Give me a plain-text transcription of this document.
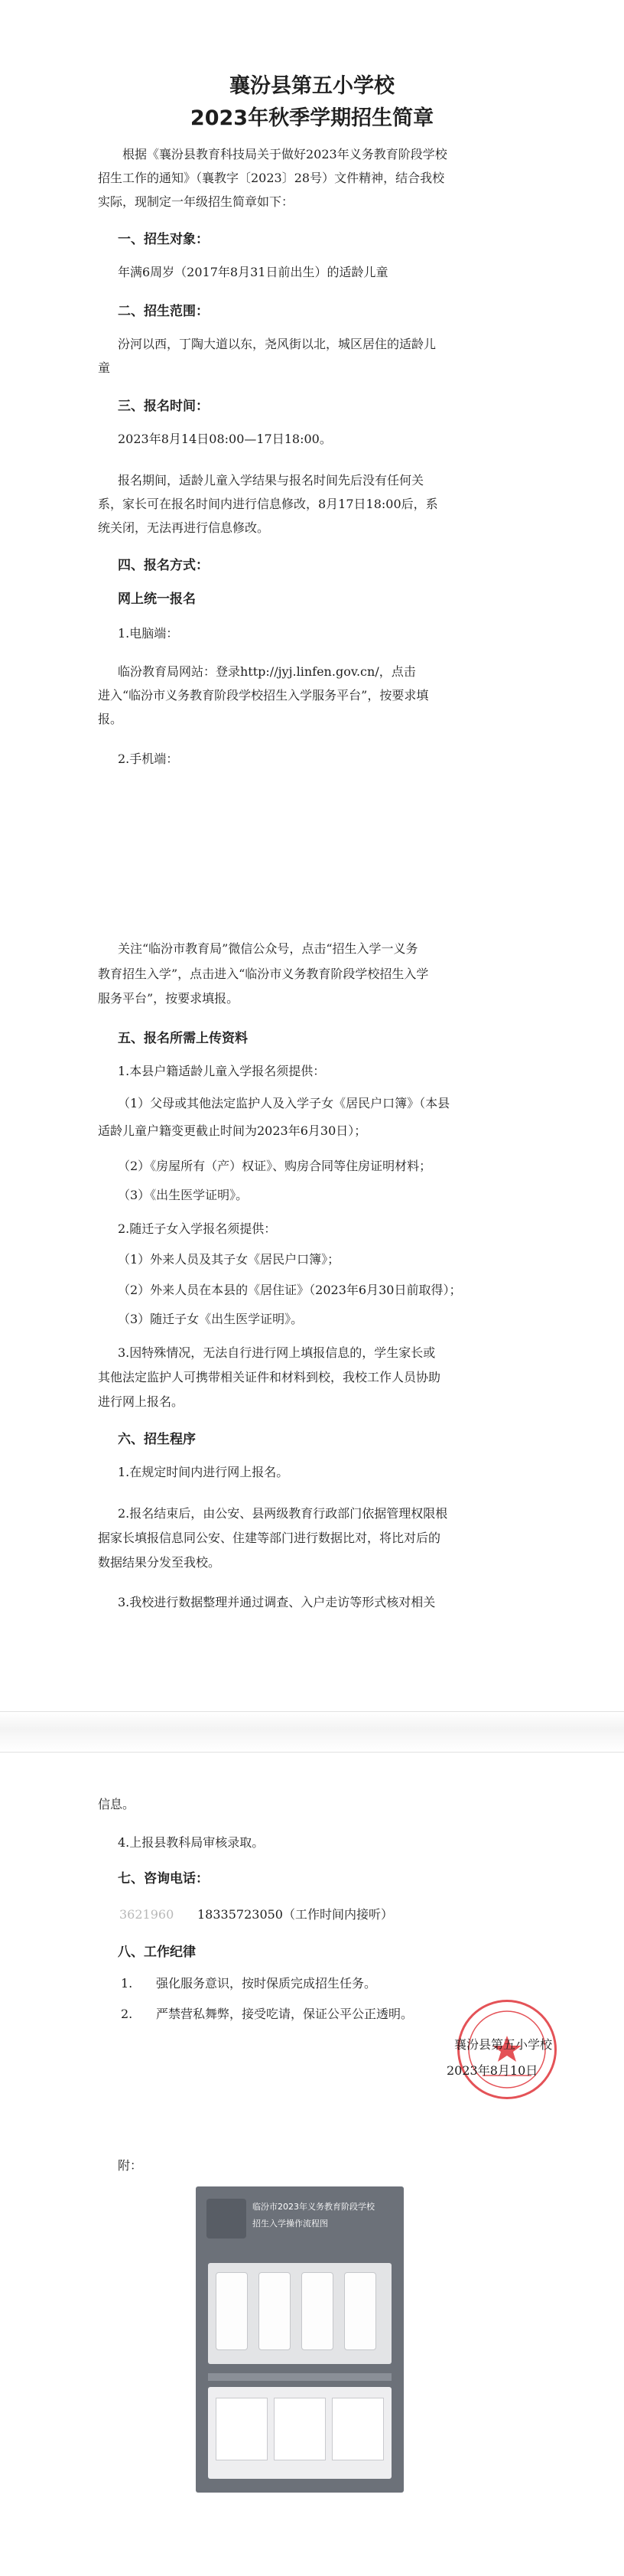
襄汾县第五小学校
2023年秋季学期招生简章
根据《襄汾县教育科技局关于做好2023年义务教育阶段学校
招生工作的通知》（襄教字〔2023〕28号）文件精神，结合我校
实际，现制定一年级招生简章如下：
一、招生对象：
年满6周岁（2017年8月31日前出生）的适龄儿童
二、招生范围：
汾河以西，丁陶大道以东，尧风街以北，城区居住的适龄儿
童
三、报名时间：
2023年8月14日08:00—17日18:00。
报名期间，适龄儿童入学结果与报名时间先后没有任何关
系，家长可在报名时间内进行信息修改，8月17日18:00后，系
统关闭，无法再进行信息修改。
四、报名方式：
网上统一报名
1.电脑端：
临汾教育局网站：登录http://jyj.linfen.gov.cn/，点击
进入“临汾市义务教育阶段学校招生入学服务平台”，按要求填
报。
2.手机端：
关注“临汾市教育局”微信公众号，点击“招生入学一义务
教育招生入学”，点击进入“临汾市义务教育阶段学校招生入学
服务平台”，按要求填报。
五、报名所需上传资料
1.本县户籍适龄儿童入学报名须提供：
（1）父母或其他法定监护人及入学子女《居民户口簿》（本县
适龄儿童户籍变更截止时间为2023年6月30日）；
（2）《房屋所有（产）权证》、购房合同等住房证明材料；
（3）《出生医学证明》。
2.随迁子女入学报名须提供：
（1）外来人员及其子女《居民户口簿》；
（2）外来人员在本县的《居住证》（2023年6月30日前取得）；
（3）随迁子女《出生医学证明》。
3.因特殊情况，无法自行进行网上填报信息的，学生家长或
其他法定监护人可携带相关证件和材料到校，我校工作人员协助
进行网上报名。
六、招生程序
1.在规定时间内进行网上报名。
2.报名结束后，由公安、县两级教育行政部门依据管理权限根
据家长填报信息同公安、住建等部门进行数据比对，将比对后的
数据结果分发至我校。
3.我校进行数据整理并通过调查、入户走访等形式核对相关
信息。
4.上报县教科局审核录取。
七、咨询电话：
3621960 18335723050（工作时间内接听）
八、工作纪律
1. 强化服务意识，按时保质完成招生任务。
2. 严禁营私舞弊，接受吃请，保证公平公正透明。
襄汾县第五小学校
2023年8月10日
附：
临汾市2023年义务教育阶段学校
招生入学操作流程图
